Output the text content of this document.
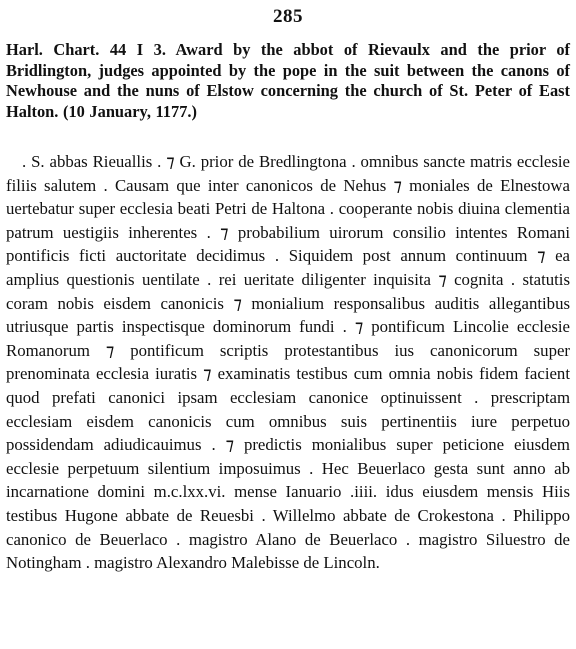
285

Harl. Chart. 44 I 3. Award by the abbot of Rievaulx and the prior of Bridlington, judges appointed by the pope in the suit between the canons of Newhouse and the nuns of Elstow concerning the church of St. Peter of East Halton. (10 January, 1177.)

. S. abbas Rieuallis . ⁊ G. prior de Bredlingtona . omnibus sancte matris ecclesie filiis salutem . Causam que inter canonicos de Nehus ⁊ moniales de Elnestowa uertebatur super ecclesia beati Petri de Haltona . cooperante nobis diuina clementia patrum uestigiis inherentes . ⁊ probabilium uirorum consilio intentes Romani pontificis ficti auctoritate decidimus . Siquidem post annum continuum ⁊ ea amplius questionis uentilate . rei ueritate diligenter inquisita ⁊ cognita . statutis coram nobis eisdem canonicis ⁊ monialium responsalibus auditis allegantibus utriusque partis inspectisque dominorum fundi . ⁊ pontificum Lincolie ecclesie Romanorum ⁊ pontificum scriptis protestantibus ius canonicorum super prenominata ecclesia iuratis ⁊ examinatis testibus cum omnia nobis fidem facient quod prefati canonici ipsam ecclesiam canonice optinuissent . prescriptam ecclesiam eisdem canonicis cum omnibus suis pertinentiis iure perpetuo possidendam adiudicauimus . ⁊ predictis monialibus super peticione eiusdem ecclesie perpetuum silentium imposuimus . Hec Beuerlaco gesta sunt anno ab incarnatione domini m.c.lxx.vi. mense Ianuario .iiii. idus eiusdem mensis Hiis testibus Hugone abbate de Reuesbi . Willelmo abbate de Crokestona . Philippo canonico de Beuerlaco . magistro Alano de Beuerlaco . magistro Siluestro de Notingham . magistro Alexandro Malebisse de Lincoln.
